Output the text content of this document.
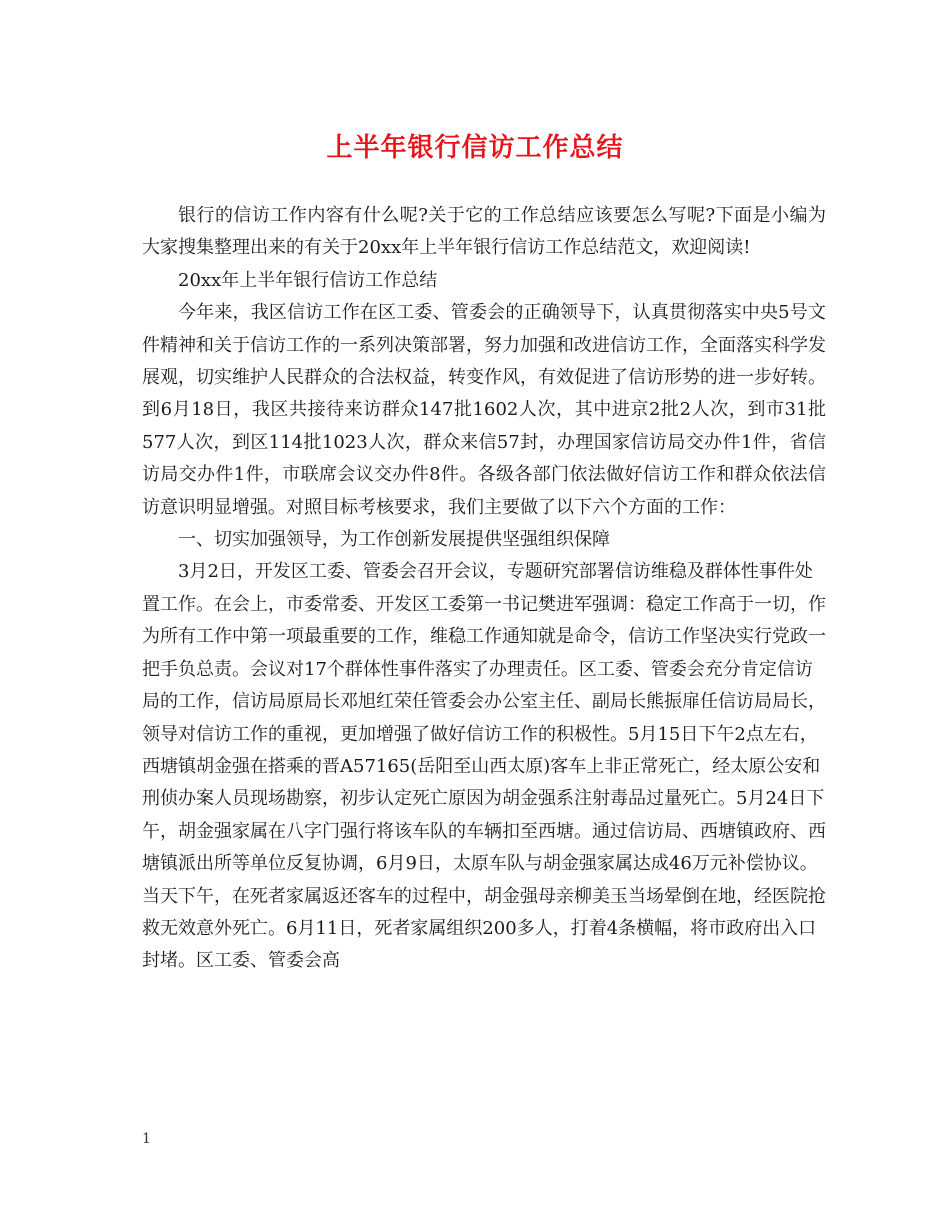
上半年银行信访工作总结

银行的信访工作内容有什么呢?关于它的工作总结应该要怎么写呢?下面是小编为大家搜集整理出来的有关于20xx年上半年银行信访工作总结范文，欢迎阅读!

20xx年上半年银行信访工作总结

今年来，我区信访工作在区工委、管委会的正确领导下，认真贯彻落实中央5号文件精神和关于信访工作的一系列决策部署，努力加强和改进信访工作，全面落实科学发展观，切实维护人民群众的合法权益，转变作风，有效促进了信访形势的进一步好转。到6月18日，我区共接待来访群众147批1602人次，其中进京2批2人次，到市31批577人次，到区114批1023人次，群众来信57封，办理国家信访局交办件1件，省信访局交办件1件，市联席会议交办件8件。各级各部门依法做好信访工作和群众依法信访意识明显增强。对照目标考核要求，我们主要做了以下六个方面的工作：

一、切实加强领导，为工作创新发展提供坚强组织保障

3月2日，开发区工委、管委会召开会议，专题研究部署信访维稳及群体性事件处置工作。在会上，市委常委、开发区工委第一书记樊进军强调：稳定工作高于一切，作为所有工作中第一项最重要的工作，维稳工作通知就是命令，信访工作坚决实行党政一把手负总责。会议对17个群体性事件落实了办理责任。区工委、管委会充分肯定信访局的工作，信访局原局长邓旭红荣任管委会办公室主任、副局长熊振扉任信访局局长，领导对信访工作的重视，更加增强了做好信访工作的积极性。5月15日下午2点左右，西塘镇胡金强在搭乘的晋A57165(岳阳至山西太原)客车上非正常死亡，经太原公安和刑侦办案人员现场勘察，初步认定死亡原因为胡金强系注射毒品过量死亡。5月24日下午，胡金强家属在八字门强行将该车队的车辆扣至西塘。通过信访局、西塘镇政府、西塘镇派出所等单位反复协调，6月9日，太原车队与胡金强家属达成46万元补偿协议。当天下午，在死者家属返还客车的过程中，胡金强母亲柳美玉当场晕倒在地，经医院抢救无效意外死亡。6月11日，死者家属组织200多人，打着4条横幅，将市政府出入口封堵。区工委、管委会高

1
